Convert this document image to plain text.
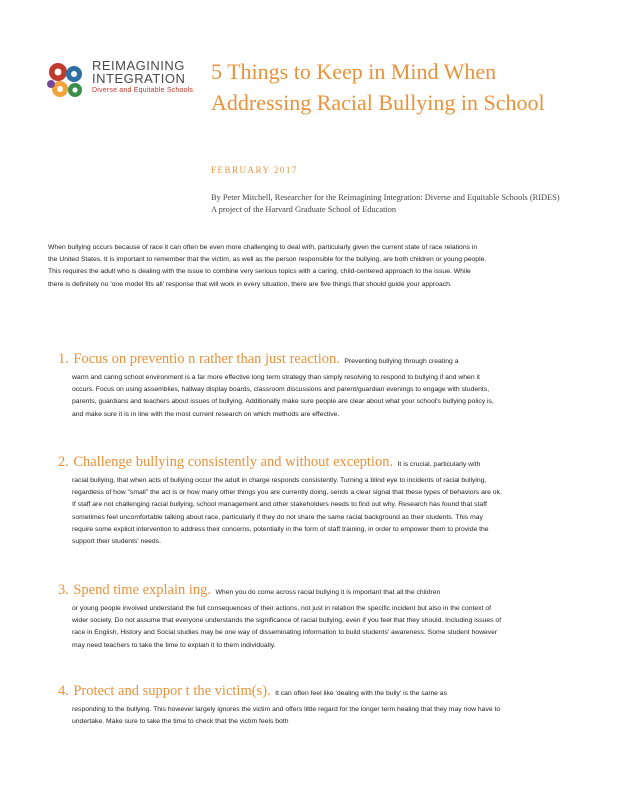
REIMAGINING
INTEGRATION
Diverse and Equitable Schools
5 Things to Keep in Mind When Addressing Racial Bullying in School
FEBRUARY 2017
By Peter Mitchell, Researcher for the Reimagining Integration: Diverse and Equitable Schools (RIDES) A project of the Harvard Graduate School of Education

When bullying occurs because of race it can often be even more challenging to deal with, particularly given the current state of race relations in the United States. It is important to remember that the victim, as well as the person responsible for the bullying, are both children or young people. This requires the adult who is dealing with the issue to combine very serious topics with a caring, child-centered approach to the issue. While there is definitely no 'one model fits all' response that will work in every situation, there are five things that should guide your approach.

1. Focus on preventio n rather than just reaction. Preventing bullying through creating a

warm and caring school environment is a far more effective long term strategy than simply resolving to respond to bullying if and when it occurs. Focus on using assemblies, hallway display boards, classroom discussions and parent/guardian evenings to engage with students, parents, guardians and teachers about issues of bullying. Additionally make sure people are clear about what your school's bullying policy is, and make sure it is in line with the most current research on which methods are effective.

2. Challenge bullying consistently and without exception. It is crucial, particularly with

racial bullying, that when acts of bullying occur the adult in charge responds consistently. Turning a blind eye to incidents of racial bullying, regardless of how "small" the act is or how many other things you are currently doing, sends a clear signal that these types of behaviors are ok. If staff are not challenging racial bullying, school management and other stakeholders needs to find out why. Research has found that staff sometimes feel uncomfortable talking about race, particularly if they do not share the same racial background as their students. This may require some explicit intervention to address their concerns, potentially in the form of staff training, in order to empower them to provide the support their students' needs.

3. Spend time explain ing. When you do come across racial bullying it is important that all the children

or young people involved understand the full consequences of their actions, not just in relation the specific incident but also in the context of wider society. Do not assume that everyone understands the significance of racial bullying, even if you feel that they should. Including issues of race in English, History and Social studies may be one way of disseminating information to build students' awareness. Some student however may need teachers to take the time to explain it to them individually.

4. Protect and suppor t the victim(s). It can often feel like 'dealing with the bully' is the same as

responding to the bullying. This however largely ignores the victim and offers little regard for the longer term healing that they may now have to undertake. Make sure to take the time to check that the victim feels both
